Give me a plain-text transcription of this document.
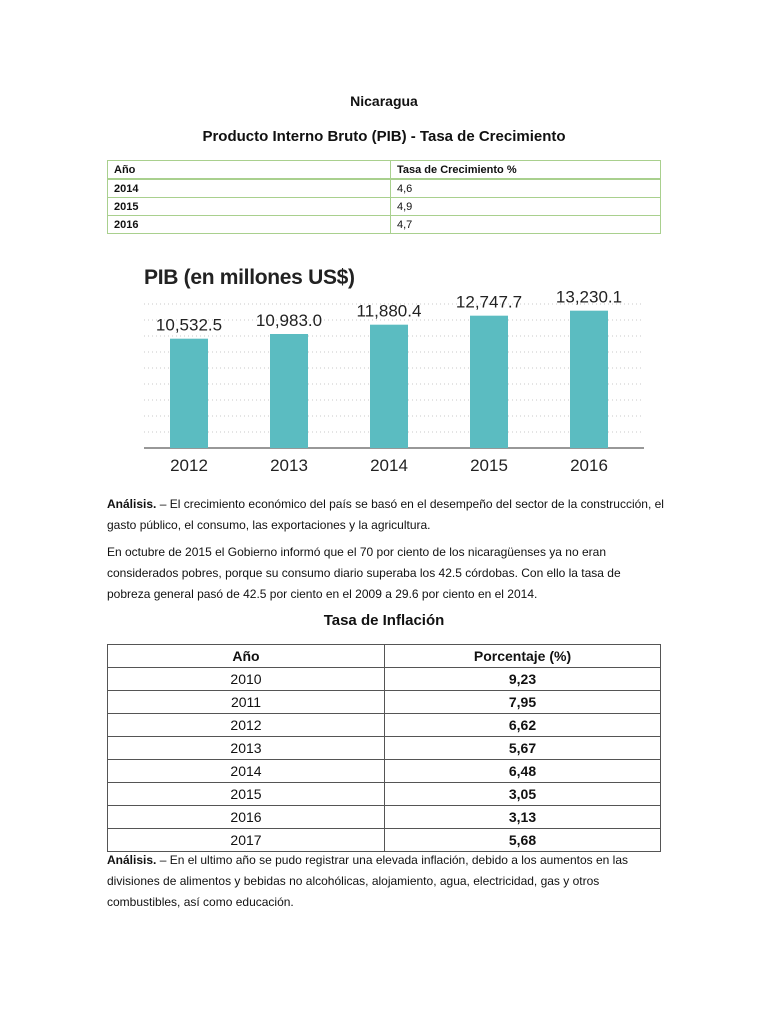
Nicaragua
Producto Interno Bruto (PIB) - Tasa de Crecimiento
Año	Tasa de Crecimiento %
2014	4,6
2015	4,9
2016	4,7
10,532.5
2012
10,983.0
2013
11,880.4
2014
12,747.7
2015
13,230.1
2016
PIB (en millones US$)

Análisis. – El crecimiento económico del país se basó en el desempeño del sector de la construcción, el gasto público, el consumo, las exportaciones y la agricultura.

En octubre de 2015 el Gobierno informó que el 70 por ciento de los nicaragüenses ya no eran considerados pobres, porque su consumo diario superaba los 42.5 córdobas. Con ello la tasa de pobreza general pasó de 42.5 por ciento en el 2009 a 29.6 por ciento en el 2014.

Tasa de Inflación
Año	Porcentaje (%)
2010	9,23
2011	7,95
2012	6,62
2013	5,67
2014	6,48
2015	3,05
2016	3,13
2017	5,68

Análisis. – En el ultimo año se pudo registrar una elevada inflación, debido a los aumentos en las divisiones de alimentos y bebidas no alcohólicas, alojamiento, agua, electricidad, gas y otros combustibles, así como educación.
